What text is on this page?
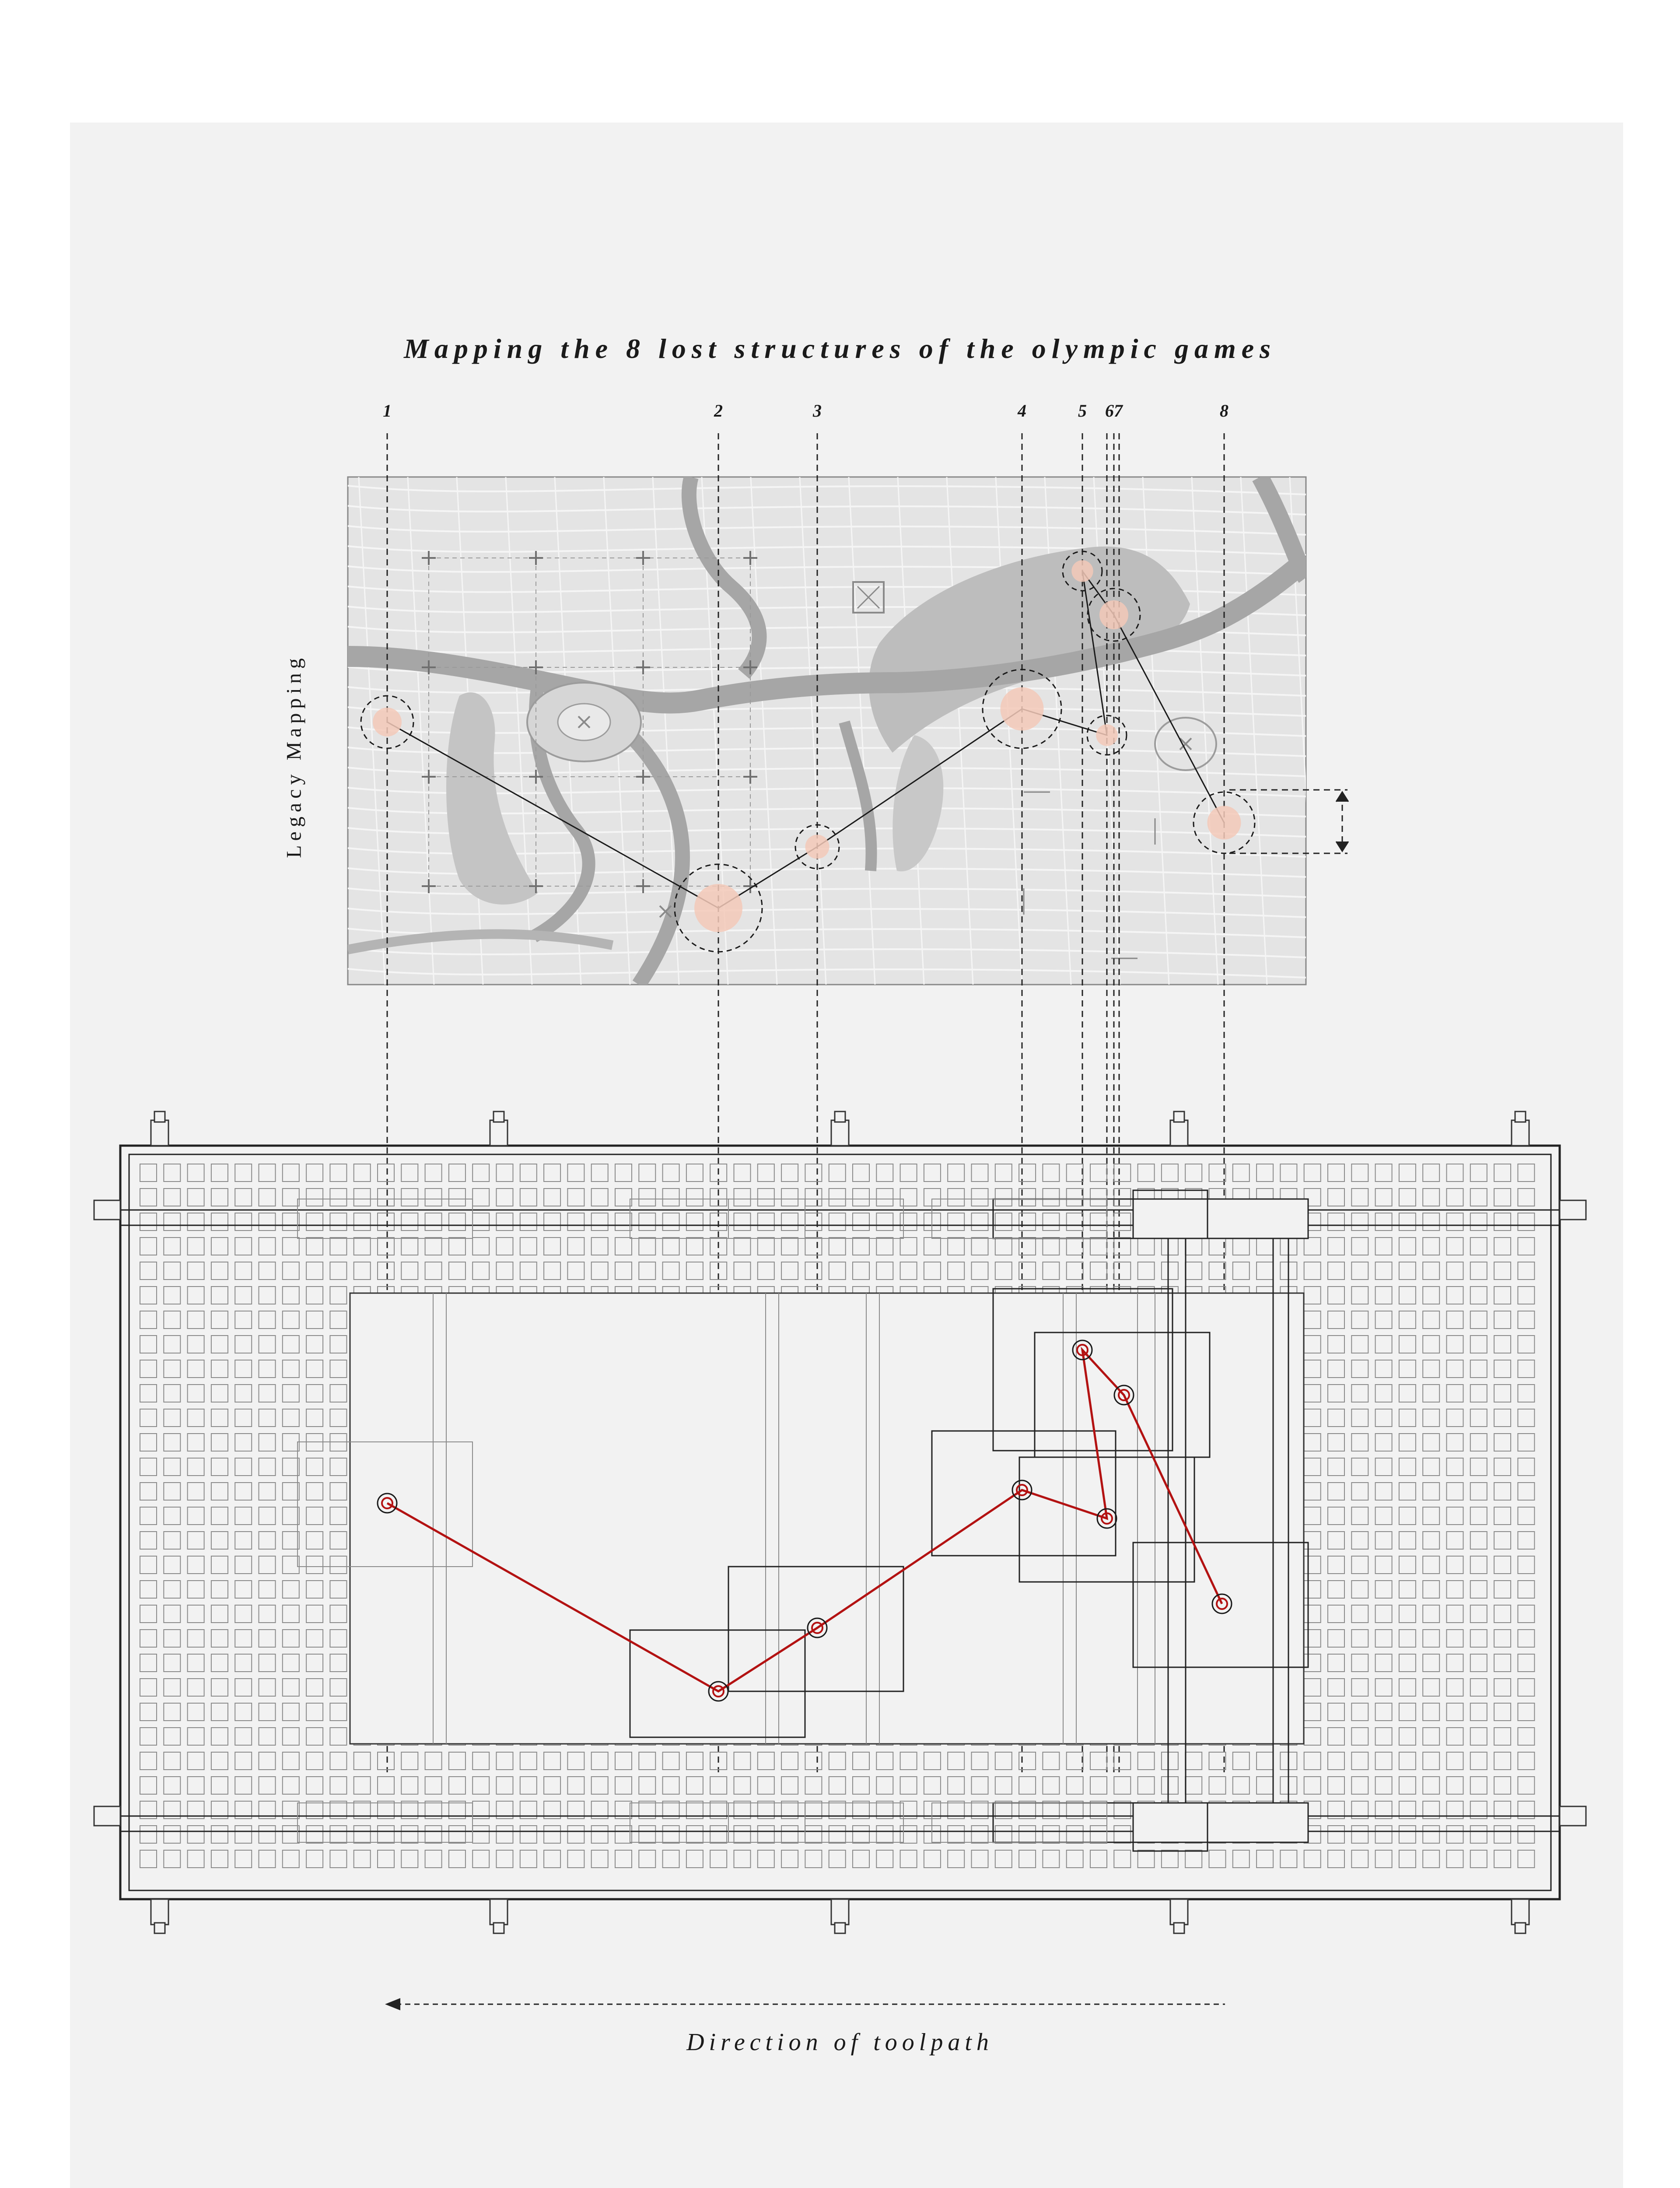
Mapping the 8 lost structures of the olympic games
1	2	3	4	5	67	8
Legacy Mapping
Direction of toolpath
